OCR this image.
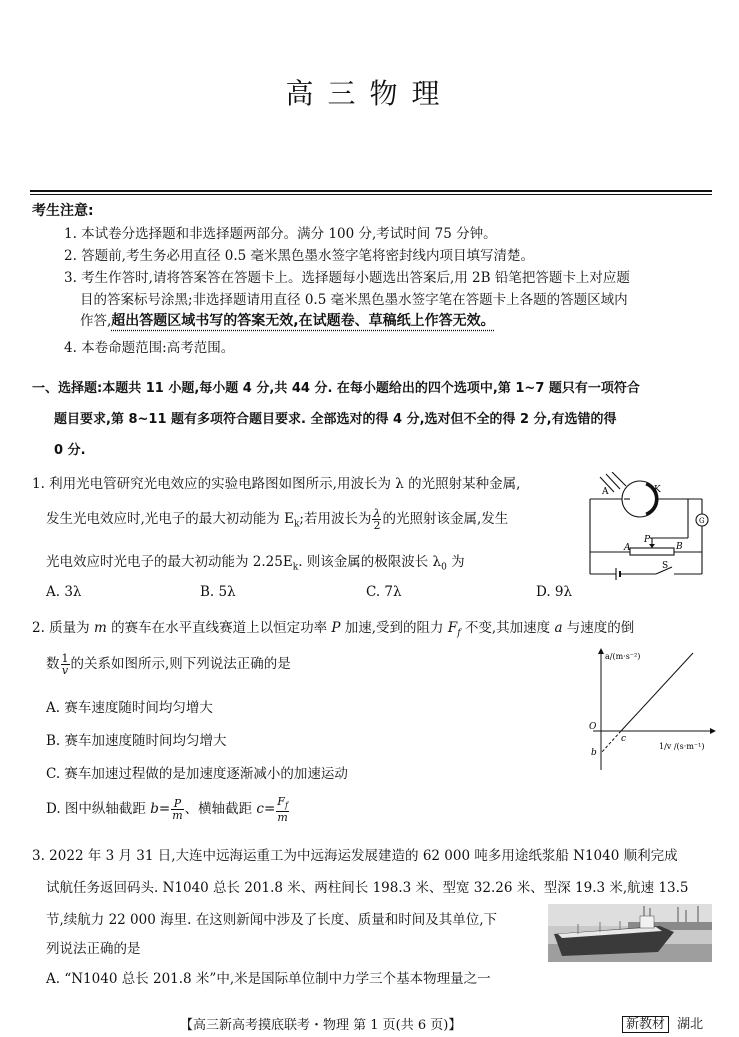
高三物理
考生注意:
1. 本试卷分选择题和非选择题两部分。满分 100 分,考试时间 75 分钟。
2. 答题前,考生务必用直径 0.5 毫米黑色墨水签字笔将密封线内项目填写清楚。
3. 考生作答时,请将答案答在答题卡上。选择题每小题选出答案后,用 2B 铅笔把答题卡上对应题
目的答案标号涂黑;非选择题请用直径 0.5 毫米黑色墨水签字笔在答题卡上各题的答题区域内
作答,超出答题区域书写的答案无效,在试题卷、草稿纸上作答无效。
4. 本卷命题范围:高考范围。
一、选择题:本题共 11 小题,每小题 4 分,共 44 分. 在每小题给出的四个选项中,第 1~7 题只有一项符合
题目要求,第 8~11 题有多项符合题目要求. 全部选对的得 4 分,选对但不全的得 2 分,有选错的得
0 分.
1. 利用光电管研究光电效应的实验电路图如图所示,用波长为 λ 的光照射某种金属,
发生光电效应时,光电子的最大初动能为 $E_k$;若用波长为 $\frac{\lambda}{2}$ 的光照射该金属,发生
光电效应时光电子的最大初动能为 $2.25E_k$. 则该金属的极限波长 $\lambda_0$ 为
A. 3λ	B. 5λ	C. 7λ	D. 9λ
A	K
G
A
P
B
S
2. 质量为 m 的赛车在水平直线赛道上以恒定功率 P 加速,受到的阻力 $F_f$ 不变,其加速度 a 与速度的倒
数 $\frac{1}{v}$ 的关系如图所示,则下列说法正确的是
A. 赛车速度随时间均匀增大
B. 赛车加速度随时间均匀增大
C. 赛车加速过程做的是加速度逐渐减小的加速运动
D. 图中纵轴截距 $b= \frac{P}{m}$ 、横轴截距 $c= \frac{F_f}{m}$
a/(m·s⁻²)
O
b
c
1/v /(s·m⁻¹)
3. 2022 年 3 月 31 日,大连中远海运重工为中远海运发展建造的 62 000 吨多用途纸浆船 N1040 顺利完成
试航任务返回码头. N1040 总长 201.8 米、两柱间长 198.3 米、型宽 32.26 米、型深 19.3 米,航速 13.5
节,续航力 22 000 海里. 在这则新闻中涉及了长度、质量和时间及其单位,下
列说法正确的是
A. “N1040 总长 201.8 米”中,米是国际单位制中力学三个基本物理量之一
【高三新高考摸底联考・物理 第 1 页(共 6 页)】	新教材 湖北
